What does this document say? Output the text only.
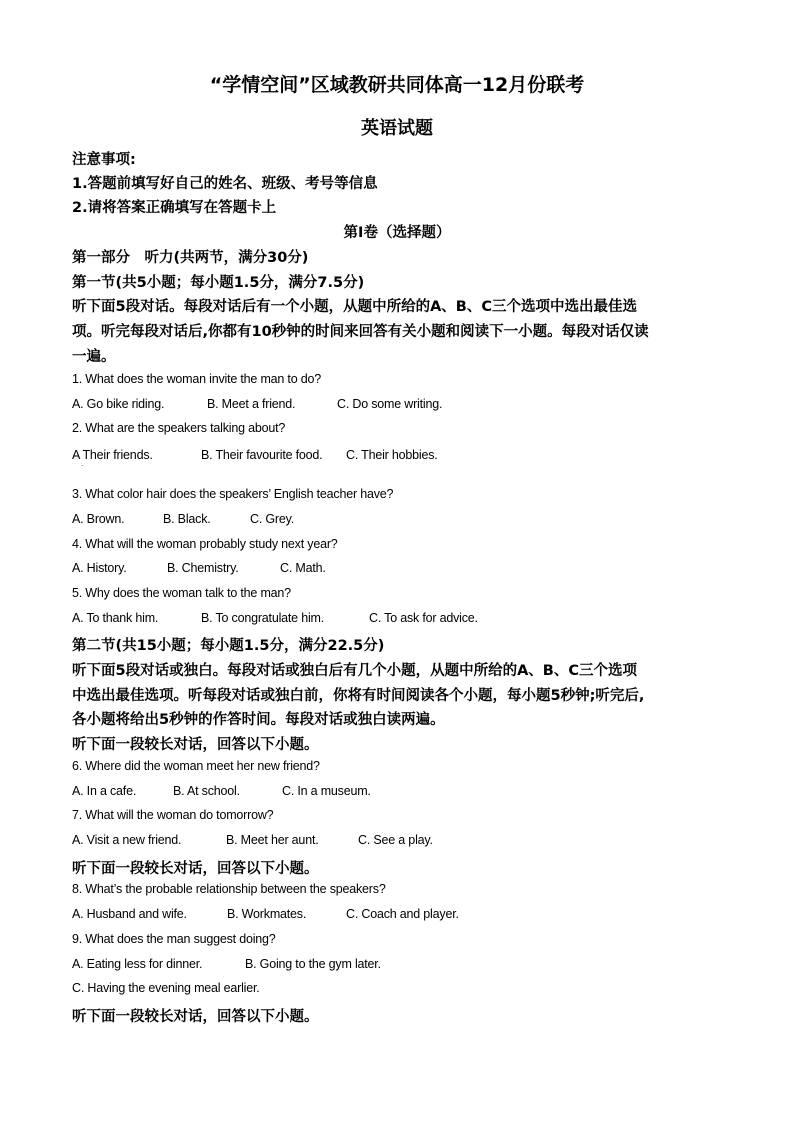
“学情空间”区域教研共同体高一12月份联考
英语试题
注意事项:
1.答题前填写好自己的姓名、班级、考号等信息
2.请将答案正确填写在答题卡上
第I卷（选择题）
第一部分　听力(共两节，满分30分)
第一节(共5小题；每小题1.5分，满分7.5分)
听下面5段对话。每段对话后有一个小题，从题中所给的A、B、C三个选项中选出最佳选
项。听完每段对话后,你都有10秒钟的时间来回答有关小题和阅读下一小题。每段对话仅读
一遍。
1. What does the woman invite the man to do?
A. Go bike riding.	B. Meet a friend.	C. Do some writing.
2. What are the speakers talking about?
A Their friends.	B. Their favourite food. C. Their hobbies.
·
3. What color hair does the speakers’ English teacher have?
A. Brown.	B. Black.	C. Grey.
4. What will the woman probably study next year?
A. History.	B. Chemistry.	C. Math.
5. Why does the woman talk to the man?
A. To thank him.	B. To congratulate him.	C. To ask for advice.
第二节(共15小题；每小题1.5分，满分22.5分)
听下面5段对话或独白。每段对话或独白后有几个小题，从题中所给的A、B、C三个选项
中选出最佳选项。听每段对话或独白前，你将有时间阅读各个小题，每小题5秒钟;听完后,
各小题将给出5秒钟的作答时间。每段对话或独白读两遍。
听下面一段较长对话，回答以下小题。
6. Where did the woman meet her new friend?
A. In a cafe.	B. At school.	C. In a museum.
7. What will the woman do tomorrow?
A. Visit a new friend.	B. Meet her aunt.	C. See a play.
听下面一段较长对话，回答以下小题。
8. What’s the probable relationship between the speakers?
A. Husband and wife.	B. Workmates.	C. Coach and player.
9. What does the man suggest doing?
A. Eating less for dinner.	B. Going to the gym later.
C. Having the evening meal earlier.
听下面一段较长对话，回答以下小题。
